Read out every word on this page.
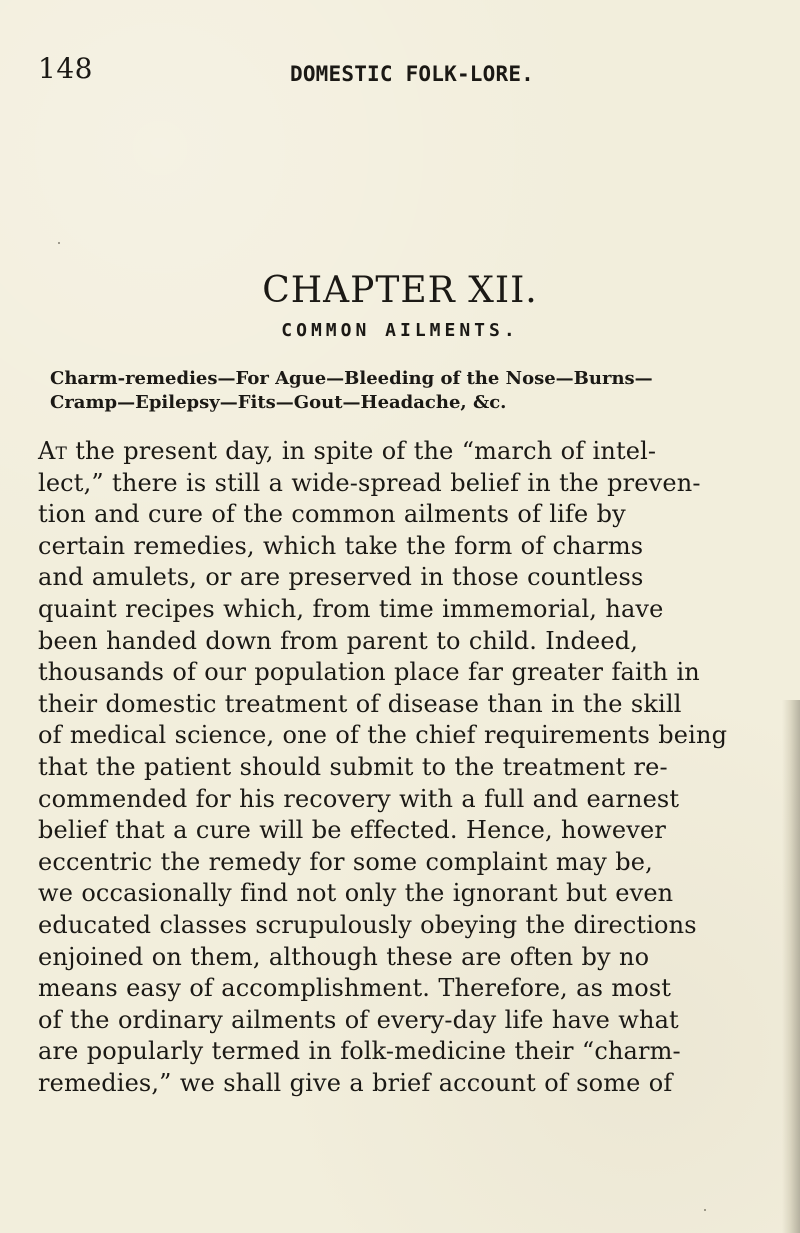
148	DOMESTIC FOLK-LORE.
CHAPTER XII.
COMMON AILMENTS.
Charm-remedies—For Ague—Bleeding of the Nose—Burns—
Cramp—Epilepsy—Fits—Gout—Headache, &c.
At the present day, in spite of the “march of intel-
lect,” there is still a wide-spread belief in the preven-
tion and cure of the common ailments of life by
certain remedies, which take the form of charms
and amulets, or are preserved in those countless
quaint recipes which, from time immemorial, have
been handed down from parent to child. Indeed,
thousands of our population place far greater faith in
their domestic treatment of disease than in the skill
of medical science, one of the chief requirements being
that the patient should submit to the treatment re-
commended for his recovery with a full and earnest
belief that a cure will be effected. Hence, however
eccentric the remedy for some complaint may be,
we occasionally find not only the ignorant but even
educated classes scrupulously obeying the directions
enjoined on them, although these are often by no
means easy of accomplishment. Therefore, as most
of the ordinary ailments of every-day life have what
are popularly termed in folk-medicine their “charm-
remedies,” we shall give a brief account of some of
